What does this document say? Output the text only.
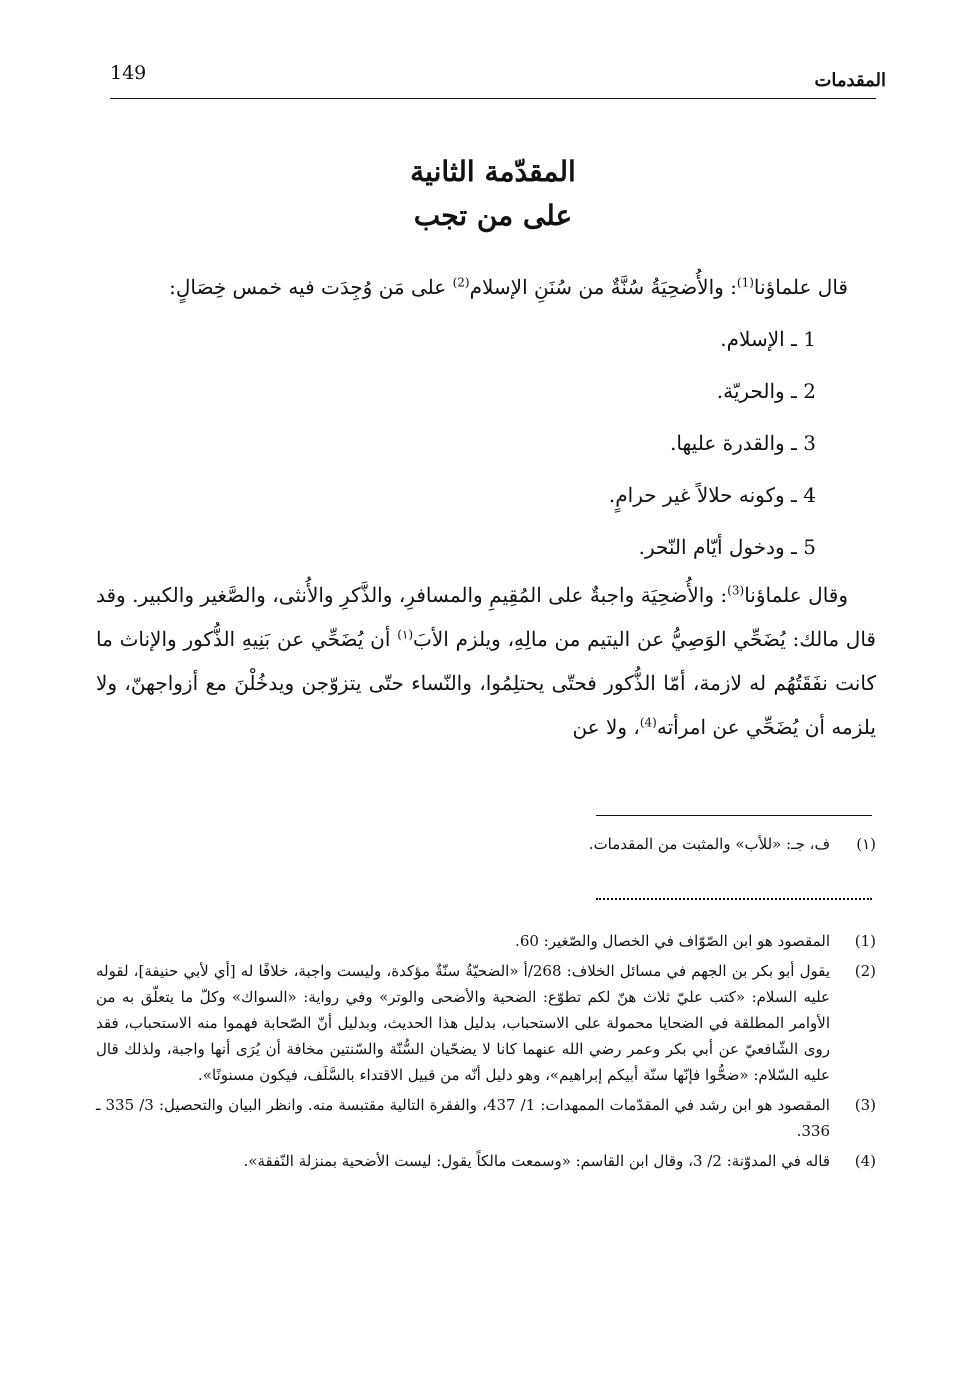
149	المقدمات
المقدّمة الثانية
على من تجب

قال علماؤنا$^{(1)}$: والأُضحِيَةُ سُنَّةٌ من سُنَنِ الإسلام$^{(2)}$ على مَن وُجِدَت فيه خمس خِصَالٍ:

1 ـ الإسلام.
2 ـ والحريّة.
3 ـ والقدرة عليها.
4 ـ وكونه حلالاً غير حرامٍ.
5 ـ ودخول أيّام النّحر.

وقال علماؤنا$^{(3)}$: والأُضحِيَة واجبةٌ على المُقِيمِ والمسافرِ، والذَّكرِ والأُنثى، والصَّغير والكبير. وقد قال مالك: يُضَحِّي الوَصِيُّ عن اليتيم من مالِهِ، ويلزم الأبَ$^{(١)}$ أن يُضَحِّي عن بَنِيهِ الذُّكور والإناث ما كانت نفَقَتُهُم له لازمة، أمّا الذُّكور فحتّى يحتلِمُوا، والنّساء حتّى يتزوّجن ويدخُلْنَ مع أزواجهنّ، ولا يلزمه أن يُضَحِّي عن امرأته$^{(4)}$، ولا عن

(١)
ف، جـ: «للأب» والمثبت من المقدمات.
(1)
المقصود هو ابن الصّوّاف في الخصال والصّغير: 60.
(2)
يقول أبو بكر بن الجهم في مسائل الخلاف: 268/أ «الضحيّةُ سنّةٌ مؤكدة، وليست واجبة، خلافًا له [أي لأبي حنيفة]، لقوله عليه السلام: «كتب عليّ ثلاث هنّ لكم تطوّع: الضحية والأضحى والوتر» وفي رواية: «السواك» وكلّ ما يتعلّق به من الأوامر المطلقة في الضحايا محمولة على الاستحباب، بدليل هذا الحديث، وبدليل أنّ الصّحابة فهموا منه الاستحباب، فقد روى الشّافعيّ عن أبي بكر وعمر رضي الله عنهما كانا لا يضحّيان السُّنّة والسّنتين مخافة أن يُرَى أنها واجبة، ولذلك قال عليه السّلام: «ضحُّوا فإنّها سنّة أبيكم إبراهيم»، وهو دليل أنّه من قبيل الاقتداء بالسَّلَف، فيكون مسنونًا».
(3)
المقصود هو ابن رشد في المقدّمات الممهدات: 1/ 437، والفقرة التالية مقتبسة منه. وانظر البيان والتحصيل: 3/ 335 ـ 336.
(4)
قاله في المدوّنة: 2/ 3، وقال ابن القاسم: «وسمعت مالكاً يقول: ليست الأضحية بمنزلة النّفقة».
